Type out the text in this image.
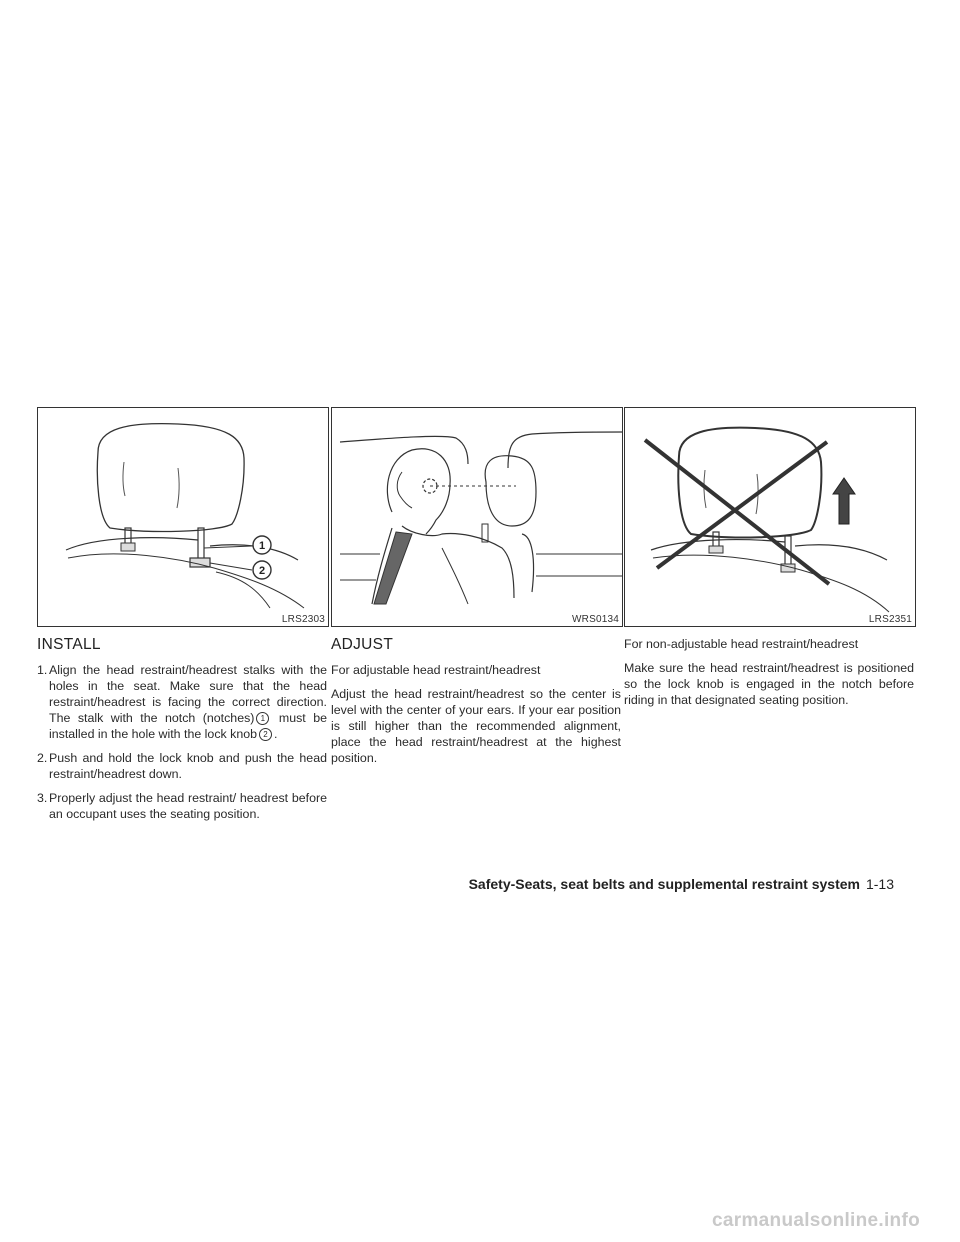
1
2
LRS2303	WRS0134	LRS2351
INSTALL
1. Align the head restraint/headrest stalks with the holes in the seat. Make sure that the head restraint/headrest is facing the correct direction. The stalk with the notch (notches) 1 must be installed in the hole with the lock knob 2 .
2. Push and hold the lock knob and push the head restraint/headrest down.
3. Properly adjust the head restraint/ headrest before an occupant uses the seating position.
ADJUST

For adjustable head restraint/headrest

Adjust the head restraint/headrest so the center is level with the center of your ears. If your ear position is still higher than the recommended alignment, place the head restraint/headrest at the highest position.

For non-adjustable head restraint/headrest

Make sure the head restraint/headrest is positioned so the lock knob is engaged in the notch before riding in that designated seating position.

Safety-Seats, seat belts and supplemental restraint system 1-13
carmanualsonline.info
